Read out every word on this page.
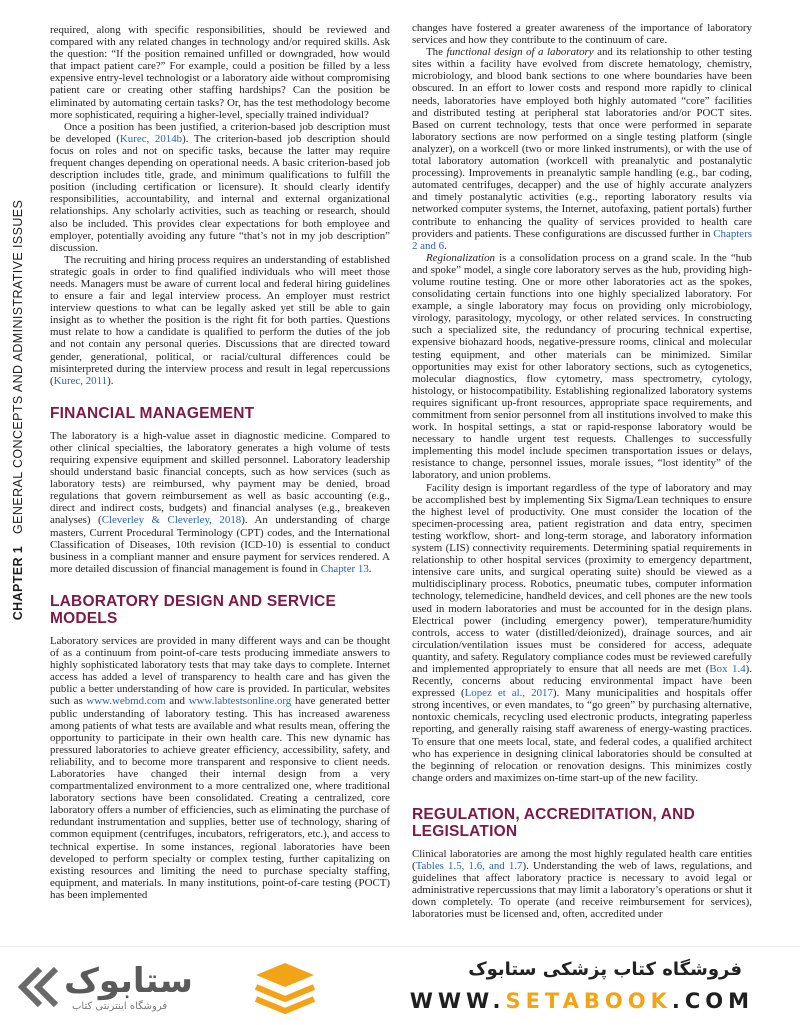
CHAPTER 1 GENERAL CONCEPTS AND ADMINISTRATIVE ISSUES

required, along with specific responsibilities, should be reviewed and compared with any related changes in technology and/or required skills. Ask the question: “If the position remained unfilled or downgraded, how would that impact patient care?” For example, could a position be filled by a less expensive entry-level technologist or a laboratory aide without compromising patient care or creating other staffing hardships? Can the position be eliminated by automating certain tasks? Or, has the test methodology become more sophisticated, requiring a higher-level, specially trained individual?

Once a position has been justified, a criterion-based job description must be developed (Kurec, 2014b). The criterion-based job description should focus on roles and not on specific tasks, because the latter may require frequent changes depending on operational needs. A basic criterion-based job description includes title, grade, and minimum qualifications to fulfill the position (including certification or licensure). It should clearly identify responsibilities, accountability, and internal and external organizational relationships. Any scholarly activities, such as teaching or research, should also be included. This provides clear expectations for both employee and employer, potentially avoiding any future “that’s not in my job description” discussion.

The recruiting and hiring process requires an understanding of established strategic goals in order to find qualified individuals who will meet those needs. Managers must be aware of current local and federal hiring guidelines to ensure a fair and legal interview process. An employer must restrict interview questions to what can be legally asked yet still be able to gain insight as to whether the position is the right fit for both parties. Questions must relate to how a candidate is qualified to perform the duties of the job and not contain any personal queries. Discussions that are directed toward gender, generational, political, or racial/cultural differences could be misinterpreted during the interview process and result in legal repercussions (Kurec, 2011).

FINANCIAL MANAGEMENT

The laboratory is a high-value asset in diagnostic medicine. Compared to other clinical specialties, the laboratory generates a high volume of tests requiring expensive equipment and skilled personnel. Laboratory leadership should understand basic financial concepts, such as how services (such as laboratory tests) are reimbursed, why payment may be denied, broad regulations that govern reimbursement as well as basic accounting (e.g., direct and indirect costs, budgets) and financial analyses (e.g., breakeven analyses) (Cleverley & Cleverley, 2018). An understanding of charge masters, Current Procedural Terminology (CPT) codes, and the International Classification of Diseases, 10th revision (ICD-10) is essential to conduct business in a compliant manner and ensure payment for services rendered. A more detailed discussion of financial management is found in Chapter 13.

LABORATORY DESIGN AND SERVICE MODELS

Laboratory services are provided in many different ways and can be thought of as a continuum from point-of-care tests producing immediate answers to highly sophisticated laboratory tests that may take days to complete. Internet access has added a level of transparency to health care and has given the public a better understanding of how care is provided. In particular, websites such as www.webmd.com and www.labtestsonline.org have generated better public understanding of laboratory testing. This has increased awareness among patients of what tests are available and what results mean, offering the opportunity to participate in their own health care. This new dynamic has pressured laboratories to achieve greater efficiency, accessibility, safety, and reliability, and to become more transparent and responsive to client needs. Laboratories have changed their internal design from a very compartmentalized environment to a more centralized one, where traditional laboratory sections have been consolidated. Creating a centralized, core laboratory offers a number of efficiencies, such as eliminating the purchase of redundant instrumentation and supplies, better use of technology, sharing of common equipment (centrifuges, incubators, refrigerators, etc.), and access to technical expertise. In some instances, regional laboratories have been developed to perform specialty or complex testing, further capitalizing on existing resources and limiting the need to purchase specialty staffing, equipment, and materials. In many institutions, point-of-care testing (POCT) has been implemented

changes have fostered a greater awareness of the importance of laboratory services and how they contribute to the continuum of care.

The functional design of a laboratory and its relationship to other testing sites within a facility have evolved from discrete hematology, chemistry, microbiology, and blood bank sections to one where boundaries have been obscured. In an effort to lower costs and respond more rapidly to clinical needs, laboratories have employed both highly automated “core” facilities and distributed testing at peripheral stat laboratories and/or POCT sites. Based on current technology, tests that once were performed in separate laboratory sections are now performed on a single testing platform (single analyzer), on a workcell (two or more linked instruments), or with the use of total laboratory automation (workcell with preanalytic and postanalytic processing). Improvements in preanalytic sample handling (e.g., bar coding, automated centrifuges, decapper) and the use of highly accurate analyzers and timely postanalytic activities (e.g., reporting laboratory results via networked computer systems, the Internet, autofaxing, patient portals) further contribute to enhancing the quality of services provided to health care providers and patients. These configurations are discussed further in Chapters 2 and 6.

Regionalization is a consolidation process on a grand scale. In the “hub and spoke” model, a single core laboratory serves as the hub, providing high-volume routine testing. One or more other laboratories act as the spokes, consolidating certain functions into one highly specialized laboratory. For example, a single laboratory may focus on providing only microbiology, virology, parasitology, mycology, or other related services. In constructing such a specialized site, the redundancy of procuring technical expertise, expensive biohazard hoods, negative-pressure rooms, clinical and molecular testing equipment, and other materials can be minimized. Similar opportunities may exist for other laboratory sections, such as cytogenetics, molecular diagnostics, flow cytometry, mass spectrometry, cytology, histology, or histocompatibility. Establishing regionalized laboratory systems requires significant up-front resources, appropriate space requirements, and commitment from senior personnel from all institutions involved to make this work. In hospital settings, a stat or rapid-response laboratory would be necessary to handle urgent test requests. Challenges to successfully implementing this model include specimen transportation issues or delays, resistance to change, personnel issues, morale issues, “lost identity” of the laboratory, and union problems.

Facility design is important regardless of the type of laboratory and may be accomplished best by implementing Six Sigma/Lean techniques to ensure the highest level of productivity. One must consider the location of the specimen-processing area, patient registration and data entry, specimen testing workflow, short- and long-term storage, and laboratory information system (LIS) connectivity requirements. Determining spatial requirements in relationship to other hospital services (proximity to emergency department, intensive care units, and surgical operating suite) should be viewed as a multidisciplinary process. Robotics, pneumatic tubes, computer information technology, telemedicine, handheld devices, and cell phones are the new tools used in modern laboratories and must be accounted for in the design plans. Electrical power (including emergency power), temperature/humidity controls, access to water (distilled/deionized), drainage sources, and air circulation/ventilation issues must be considered for access, adequate quantity, and safety. Regulatory compliance codes must be reviewed carefully and implemented appropriately to ensure that all needs are met (Box 1.4). Recently, concerns about reducing environmental impact have been expressed (Lopez et al., 2017). Many municipalities and hospitals offer strong incentives, or even mandates, to “go green” by purchasing alternative, nontoxic chemicals, recycling used electronic products, integrating paperless reporting, and generally raising staff awareness of energy-wasting practices. To ensure that one meets local, state, and federal codes, a qualified architect who has experience in designing clinical laboratories should be consulted at the beginning of relocation or renovation designs. This minimizes costly change orders and maximizes on-time start-up of the new facility.

REGULATION, ACCREDITATION, AND LEGISLATION

Clinical laboratories are among the most highly regulated health care entities (Tables 1.5, 1.6, and 1.7). Understanding the web of laws, regulations, and guidelines that affect laboratory practice is necessary to avoid legal or administrative repercussions that may limit a laboratory’s operations or shut it down completely. To operate (and receive reimbursement for services), laboratories must be licensed and, often, accredited under

ستابوک
فروشگاه اینترنتی کتاب
فروشگاه کتاب پزشکی ستابوک
WWW.SETABOOK.COM
